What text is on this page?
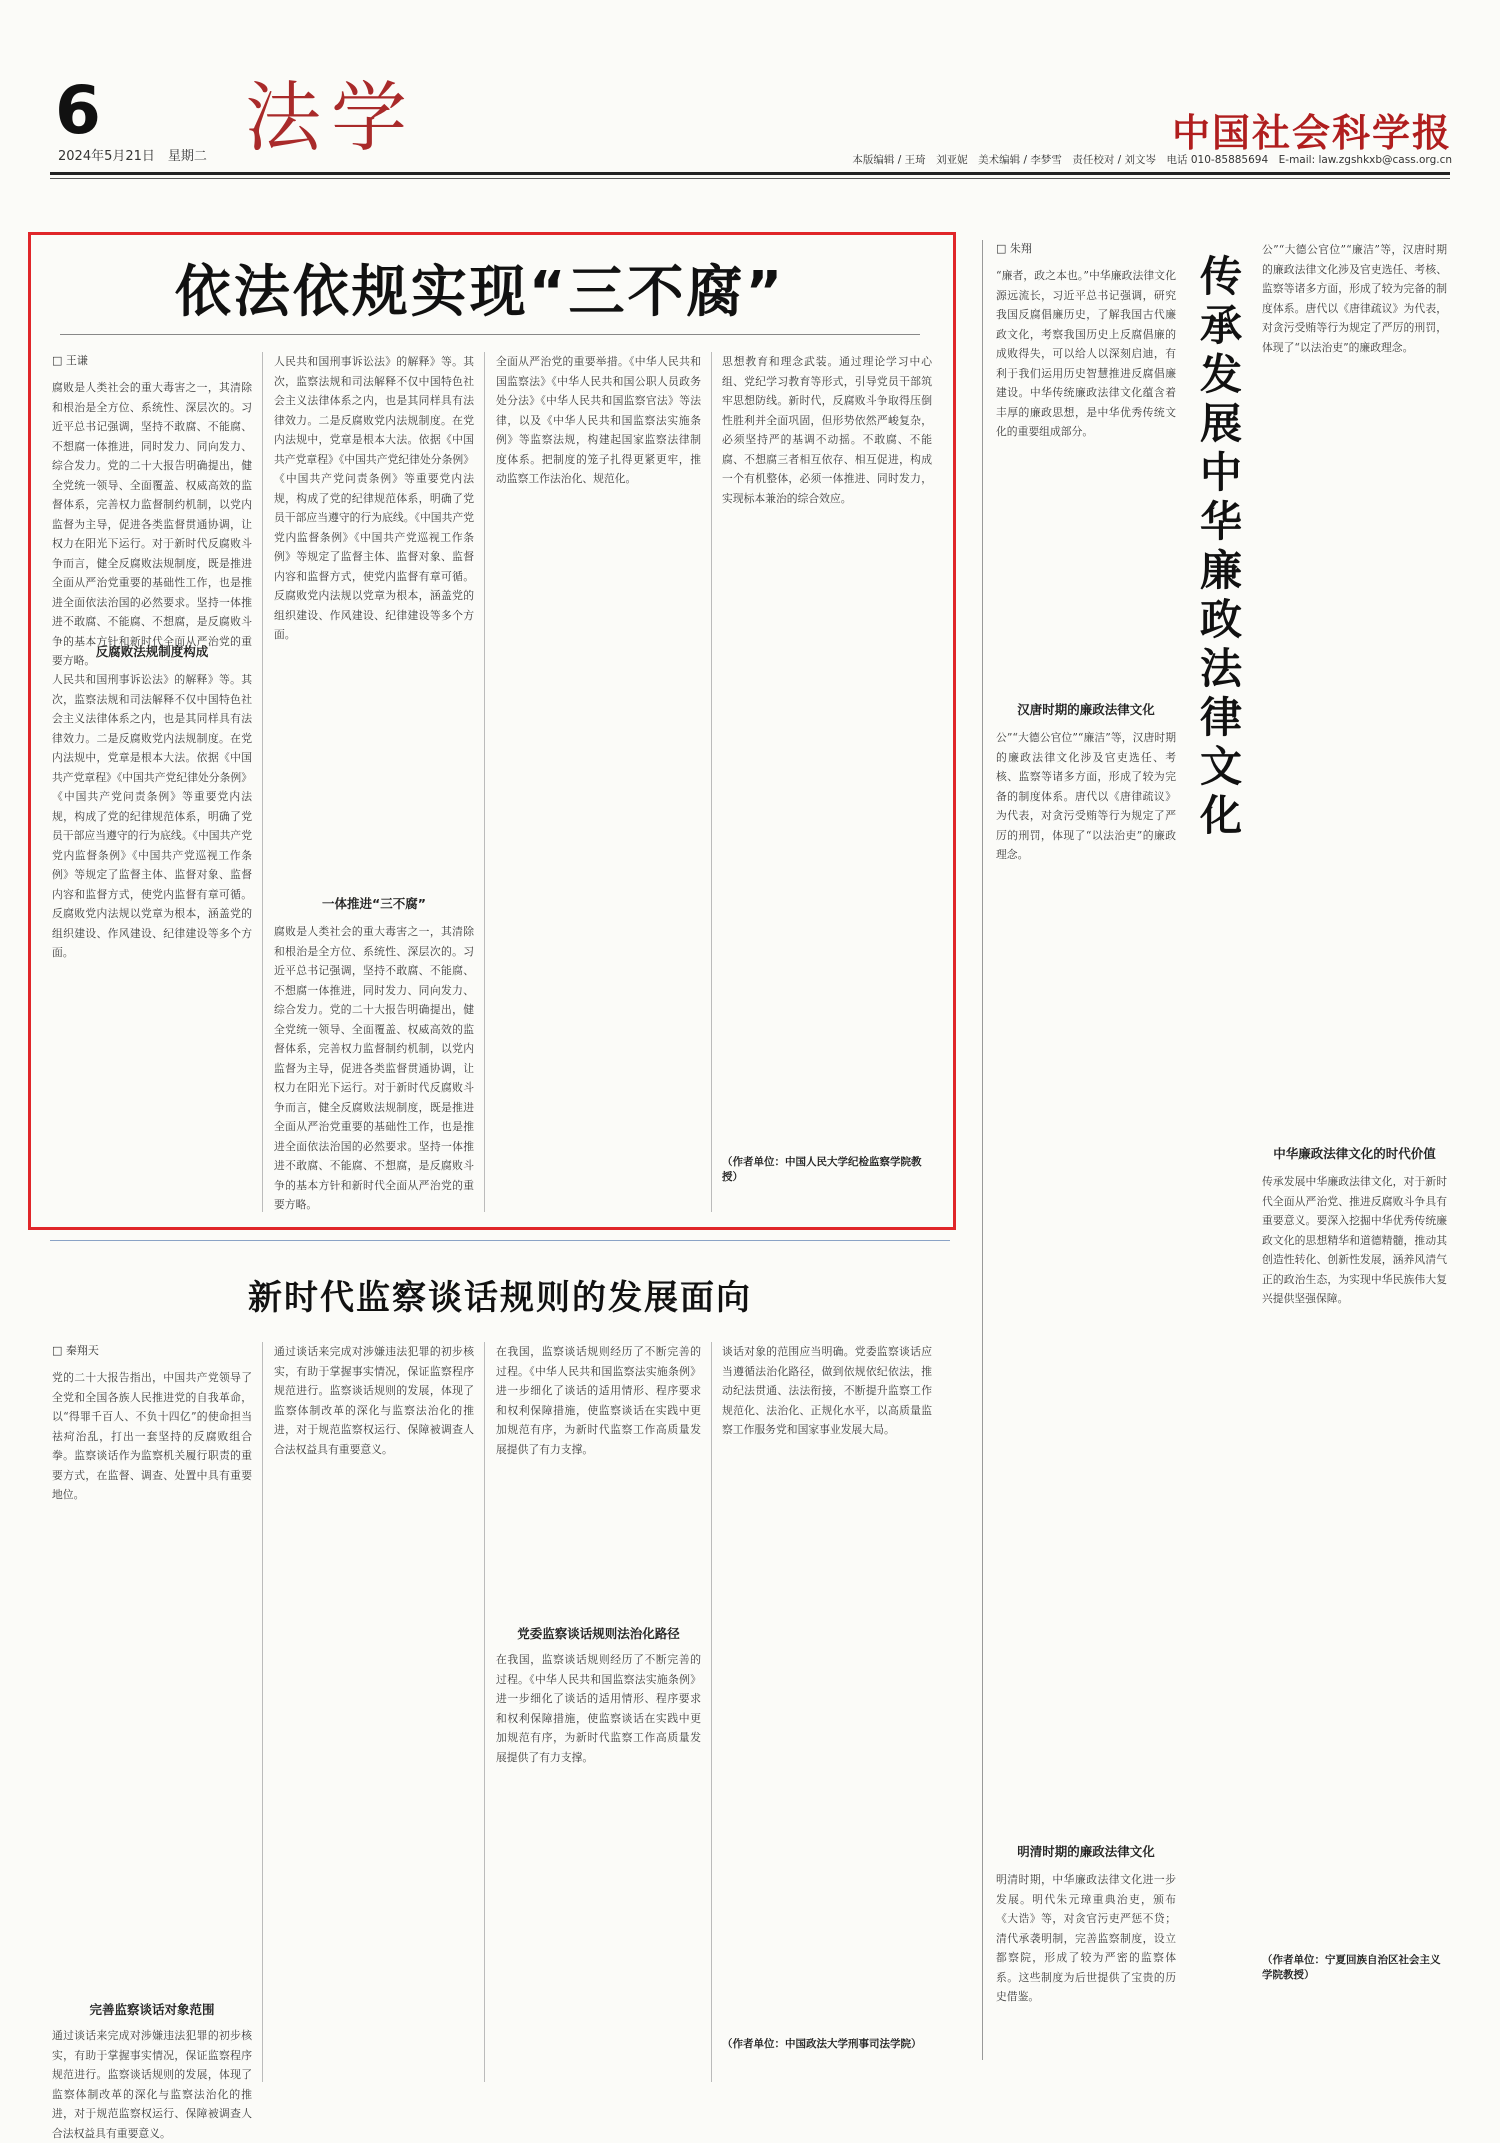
6 法学
2024年5月21日　星期二
中国社会科学报
本版编辑 / 王琦　刘亚妮　美术编辑 / 李梦雪　责任校对 / 刘文岑　电话 010-85885694　E-mail: law.zgshkxb@cass.org.cn
依法依规实现“三不腐”
□ 王谦
腐败是人类社会的重大毒害之一，其清除和根治是全方位、系统性、深层次的。习近平总书记强调，坚持不敢腐、不能腐、不想腐一体推进，同时发力、同向发力、综合发力。党的二十大报告明确提出，健全党统一领导、全面覆盖、权威高效的监督体系，完善权力监督制约机制，以党内监督为主导，促进各类监督贯通协调，让权力在阳光下运行。对于新时代反腐败斗争而言，健全反腐败法规制度，既是推进全面从严治党重要的基础性工作，也是推进全面依法治国的必然要求。坚持一体推进不敢腐、不能腐、不想腐，是反腐败斗争的基本方针和新时代全面从严治党的重要方略。
反腐败法规制度构成
人民共和国刑事诉讼法》的解释》等。其次，监察法规和司法解释不仅中国特色社会主义法律体系之内，也是其同样具有法律效力。二是反腐败党内法规制度。在党内法规中，党章是根本大法。依据《中国共产党章程》《中国共产党纪律处分条例》《中国共产党问责条例》等重要党内法规，构成了党的纪律规范体系，明确了党员干部应当遵守的行为底线。《中国共产党党内监督条例》《中国共产党巡视工作条例》等规定了监督主体、监督对象、监督内容和监督方式，使党内监督有章可循。反腐败党内法规以党章为根本，涵盖党的组织建设、作风建设、纪律建设等多个方面。
人民共和国刑事诉讼法》的解释》等。其次，监察法规和司法解释不仅中国特色社会主义法律体系之内，也是其同样具有法律效力。二是反腐败党内法规制度。在党内法规中，党章是根本大法。依据《中国共产党章程》《中国共产党纪律处分条例》《中国共产党问责条例》等重要党内法规，构成了党的纪律规范体系，明确了党员干部应当遵守的行为底线。《中国共产党党内监督条例》《中国共产党巡视工作条例》等规定了监督主体、监督对象、监督内容和监督方式，使党内监督有章可循。反腐败党内法规以党章为根本，涵盖党的组织建设、作风建设、纪律建设等多个方面。
一体推进“三不腐”
腐败是人类社会的重大毒害之一，其清除和根治是全方位、系统性、深层次的。习近平总书记强调，坚持不敢腐、不能腐、不想腐一体推进，同时发力、同向发力、综合发力。党的二十大报告明确提出，健全党统一领导、全面覆盖、权威高效的监督体系，完善权力监督制约机制，以党内监督为主导，促进各类监督贯通协调，让权力在阳光下运行。对于新时代反腐败斗争而言，健全反腐败法规制度，既是推进全面从严治党重要的基础性工作，也是推进全面依法治国的必然要求。坚持一体推进不敢腐、不能腐、不想腐，是反腐败斗争的基本方针和新时代全面从严治党的重要方略。
全面从严治党的重要举措。《中华人民共和国监察法》《中华人民共和国公职人员政务处分法》《中华人民共和国监察官法》等法律，以及《中华人民共和国监察法实施条例》等监察法规，构建起国家监察法律制度体系。把制度的笼子扎得更紧更牢，推动监察工作法治化、规范化。
思想教育和理念武装。通过理论学习中心组、党纪学习教育等形式，引导党员干部筑牢思想防线。新时代，反腐败斗争取得压倒性胜利并全面巩固，但形势依然严峻复杂，必须坚持严的基调不动摇。不敢腐、不能腐、不想腐三者相互依存、相互促进，构成一个有机整体，必须一体推进、同时发力，实现标本兼治的综合效应。
（作者单位：中国人民大学纪检监察学院教授）
新时代监察谈话规则的发展面向
□ 秦翔天
党的二十大报告指出，中国共产党领导了全党和全国各族人民推进党的自我革命，以“得罪千百人、不负十四亿”的使命担当祛疴治乱，打出一套坚持的反腐败组合拳。监察谈话作为监察机关履行职责的重要方式，在监督、调查、处置中具有重要地位。
完善监察谈话对象范围
通过谈话来完成对涉嫌违法犯罪的初步核实，有助于掌握事实情况，保证监察程序规范进行。监察谈话规则的发展，体现了监察体制改革的深化与监察法治化的推进，对于规范监察权运行、保障被调查人合法权益具有重要意义。
通过谈话来完成对涉嫌违法犯罪的初步核实，有助于掌握事实情况，保证监察程序规范进行。监察谈话规则的发展，体现了监察体制改革的深化与监察法治化的推进，对于规范监察权运行、保障被调查人合法权益具有重要意义。
在我国，监察谈话规则经历了不断完善的过程。《中华人民共和国监察法实施条例》进一步细化了谈话的适用情形、程序要求和权利保障措施，使监察谈话在实践中更加规范有序，为新时代监察工作高质量发展提供了有力支撑。
党委监察谈话规则法治化路径
在我国，监察谈话规则经历了不断完善的过程。《中华人民共和国监察法实施条例》进一步细化了谈话的适用情形、程序要求和权利保障措施，使监察谈话在实践中更加规范有序，为新时代监察工作高质量发展提供了有力支撑。
谈话对象的范围应当明确。党委监察谈话应当遵循法治化路径，做到依规依纪依法，推动纪法贯通、法法衔接，不断提升监察工作规范化、法治化、正规化水平，以高质量监察工作服务党和国家事业发展大局。
（作者单位：中国政法大学刑事司法学院）
□ 朱翔
“廉者，政之本也。”中华廉政法律文化源远流长，习近平总书记强调，研究我国反腐倡廉历史，了解我国古代廉政文化，考察我国历史上反腐倡廉的成败得失，可以给人以深刻启迪，有利于我们运用历史智慧推进反腐倡廉建设。中华传统廉政法律文化蕴含着丰厚的廉政思想，是中华优秀传统文化的重要组成部分。
汉唐时期的廉政法律文化
公”“大德公官位”“廉洁”等，汉唐时期的廉政法律文化涉及官吏选任、考核、监察等诸多方面，形成了较为完备的制度体系。唐代以《唐律疏议》为代表，对贪污受贿等行为规定了严厉的刑罚，体现了“以法治吏”的廉政理念。
明清时期的廉政法律文化
明清时期，中华廉政法律文化进一步发展。明代朱元璋重典治吏，颁布《大诰》等，对贪官污吏严惩不贷；清代承袭明制，完善监察制度，设立都察院，形成了较为严密的监察体系。这些制度为后世提供了宝贵的历史借鉴。
传承发展中华廉政法律文化
公”“大德公官位”“廉洁”等，汉唐时期的廉政法律文化涉及官吏选任、考核、监察等诸多方面，形成了较为完备的制度体系。唐代以《唐律疏议》为代表，对贪污受贿等行为规定了严厉的刑罚，体现了“以法治吏”的廉政理念。
中华廉政法律文化的时代价值
传承发展中华廉政法律文化，对于新时代全面从严治党、推进反腐败斗争具有重要意义。要深入挖掘中华优秀传统廉政文化的思想精华和道德精髓，推动其创造性转化、创新性发展，涵养风清气正的政治生态，为实现中华民族伟大复兴提供坚强保障。
（作者单位：宁夏回族自治区社会主义学院教授）
